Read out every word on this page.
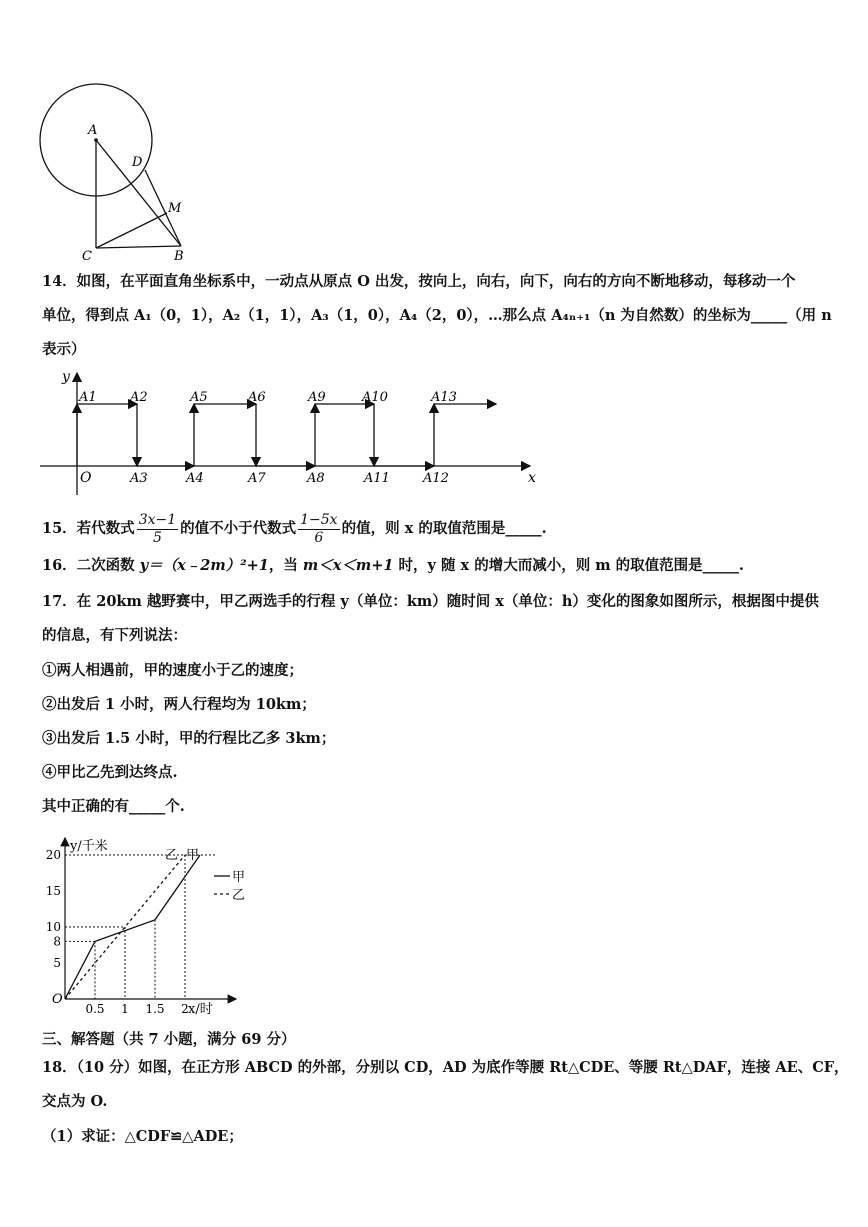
A
D
M
C	B
14．如图，在平面直角坐标系中，一动点从原点 O 出发，按向上，向右，向下，向右的方向不断地移动，每移动一个
单位，得到点 A₁（0，1），A₂（1，1），A₃（1，0），A₄（2，0），…那么点 A₄ₙ₊₁（n 为自然数）的坐标为_____（用 n
表示）
y
x
O
A1	A2	A5	A6	A9	A10	A13
A3	A4	A7	A8	A11	A12
15．若代数式 $\frac{3x-1}{5}$ 的值不小于代数式 $\frac{1-5x}{6}$ 的值，则 x 的取值范围是_____.
16．二次函数 y＝（x﹣2m）²+1，当 m＜x＜m+1 时，y 随 x 的增大而减小，则 m 的取值范围是_____.
17．在 20km 越野赛中，甲乙两选手的行程 y（单位：km）随时间 x（单位：h）变化的图象如图所示，根据图中提供
的信息，有下列说法：
①两人相遇前，甲的速度小于乙的速度；
②出发后 1 小时，两人行程均为 10km；
③出发后 1.5 小时，甲的行程比乙多 3km；
④甲比乙先到达终点.
其中正确的有_____个.
y/千米
x/时
O
0.5 1 1.5 2
5
8
10
15
20	乙 甲
甲
乙
三、解答题（共 7 小题，满分 69 分）
18．（10 分）如图，在正方形 ABCD 的外部，分别以 CD，AD 为底作等腰 Rt△CDE、等腰 Rt△DAF，连接 AE、CF，
交点为 O.
（1）求证：△CDF≌△ADE；
